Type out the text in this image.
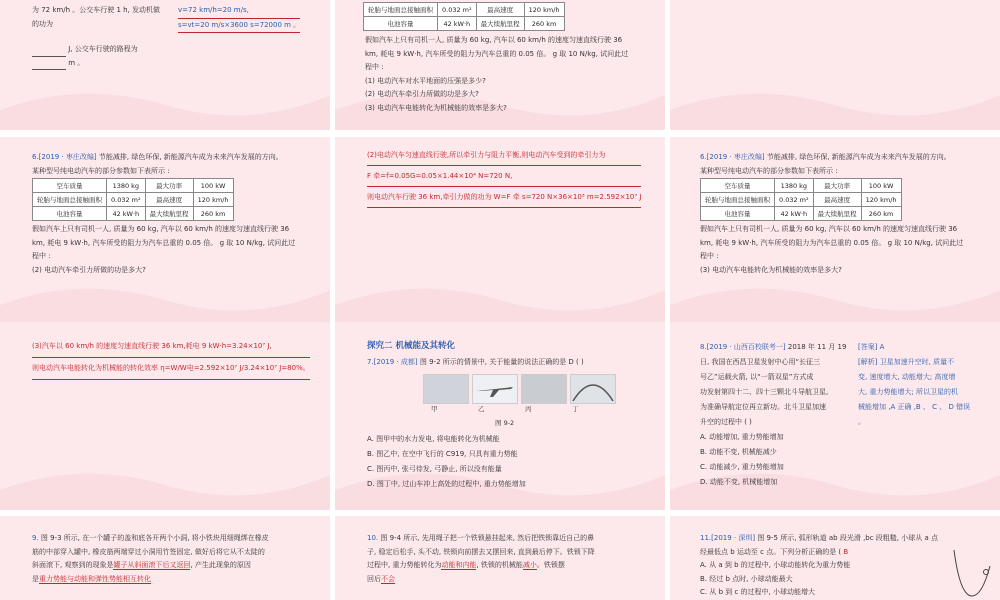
为 72 km/h 。公交车行驶 1 h, 发动机做
的功为
J, 公交车行驶的路程为
m 。
v=72 km/h=20 m/s,
s=vt=20 m/s×3600 s=72000 m 。
轮胎与地面总接触面积	0.032 m²	最高速度	120 km/h
电池容量	42 kW·h	最大续航里程	260 km
假如汽车上只有司机一人, 质量为 60 kg, 汽车以 60 km/h 的速度匀速直线行驶 36
km, 耗电 9 kW·h, 汽车所受的阻力为汽车总重的 0.05 倍。 g 取 10 N/kg, 试问此过
程中 :
(1) 电动汽车对水平地面的压强是多少?
(2) 电动汽车牵引力所做的功是多大?
(3) 电动汽车电能转化为机械能的效率是多大?
6.[2019 · 枣庄改编] 节能减排, 绿色环保, 新能源汽车成为未来汽车发展的方向。
某种型号纯电动汽车的部分参数如下表所示 :
空车质量	1380 kg	最大功率	100 kW
轮胎与地面总接触面积	0.032 m²	最高速度	120 km/h
电池容量	42 kW·h	最大续航里程	260 km
假如汽车上只有司机一人, 质量为 60 kg, 汽车以 60 km/h 的速度匀速直线行驶 36
km, 耗电 9 kW·h, 汽车所受的阻力为汽车总重的 0.05 倍。 g 取 10 N/kg, 试问此过
程中 :
(2) 电动汽车牵引力所做的功是多大?
(2)电动汽车匀速直线行驶,所以牵引力与阻力平衡,则电动汽车受到的牵引力为
F 牵=f=0.05G=0.05×1.44×10⁴ N=720 N,
则电动汽车行驶 36 km,牵引力做的功为 W=F 牵 s=720 N×36×10³ m=2.592×10⁷ J
6.[2019 · 枣庄改编] 节能减排, 绿色环保, 新能源汽车成为未来汽车发展的方向。
某种型号纯电动汽车的部分参数如下表所示 :
空车质量	1380 kg	最大功率	100 kW
轮胎与地面总接触面积	0.032 m²	最高速度	120 km/h
电池容量	42 kW·h	最大续航里程	260 km
假如汽车上只有司机一人, 质量为 60 kg, 汽车以 60 km/h 的速度匀速直线行驶 36
km, 耗电 9 kW·h, 汽车所受的阻力为汽车总重的 0.05 倍。 g 取 10 N/kg, 试问此过
程中 :
(3) 电动汽车电能转化为机械能的效率是多大?
(3)汽车以 60 km/h 的速度匀速直线行驶 36 km,耗电 9 kW·h=3.24×10⁷ J,
则电动汽车电能转化为机械能的转化效率 η=W/W电=2.592×10⁷ J/3.24×10⁷ J=80%。
探究二 机械能及其转化
7.[2019 · 成都] 图 9-2 所示的情景中, 关于能量的说法正确的是 D ( )
甲	乙	丙	丁
图 9-2
A. 图甲中的水力发电, 将电能转化为机械能
B. 图乙中, 在空中飞行的 C919, 只具有重力势能
C. 图丙中, 张弓待发, 弓静止, 所以没有能量
D. 图丁中, 过山车冲上高处的过程中, 重力势能增加
8.[2019 · 山西百校联考一] 2018 年 11 月 19
日, 我国在西昌卫星发射中心用“长征三
号乙”运载火箭, 以“一箭双星”方式成
功发射第四十二、四十三颗北斗导航卫星,
为准确导航定位再立新功。北斗卫星加速
升空的过程中 ( )
A. 动能增加, 重力势能增加
B. 动能不变, 机械能减少
C. 动能减少, 重力势能增加
D. 动能不变, 机械能增加
[答案] A
[解析] 卫星加速升空时, 质量不
变, 速度增大, 动能增大; 高度增
大, 重力势能增大; 所以卫星的机
械能增加 ,A 正确 ,B 、 C 、 D 错误
。
9. 图 9-3 所示, 在一个罐子的盖和底各开两个小洞, 将小铁块用细绳绑在橡皮
筋的中部穿入罐中, 橡皮筋两端穿过小洞用竹签固定, 做好后将它从不太陡的
斜面滚下, 观察到的现象是罐子从斜面滚下后又返回, 产生此现象的原因
是重力势能与动能和弹性势能相互转化
10. 图 9-4 所示, 先用绳子把一个铁锁悬挂起来, 然后把铁锁靠近自己的鼻
子, 稳定后松手, 头不动, 铁锁向前摆去又摆回来, 直到最后停下。铁锁下降
过程中, 重力势能转化为动能和内能, 铁锁的机械能减小。铁锁摆
回后不会
11.[2019 · 深圳] 图 9-5 所示, 弧形轨道 ab 段光滑 ,bc 段粗糙, 小球从 a 点
经最低点 b 运动至 c 点。下列分析正确的是 ( B
A. 从 a 到 b 的过程中, 小球动能转化为重力势能
B. 经过 b 点时, 小球动能最大
C. 从 b 到 c 的过程中, 小球动能增大
